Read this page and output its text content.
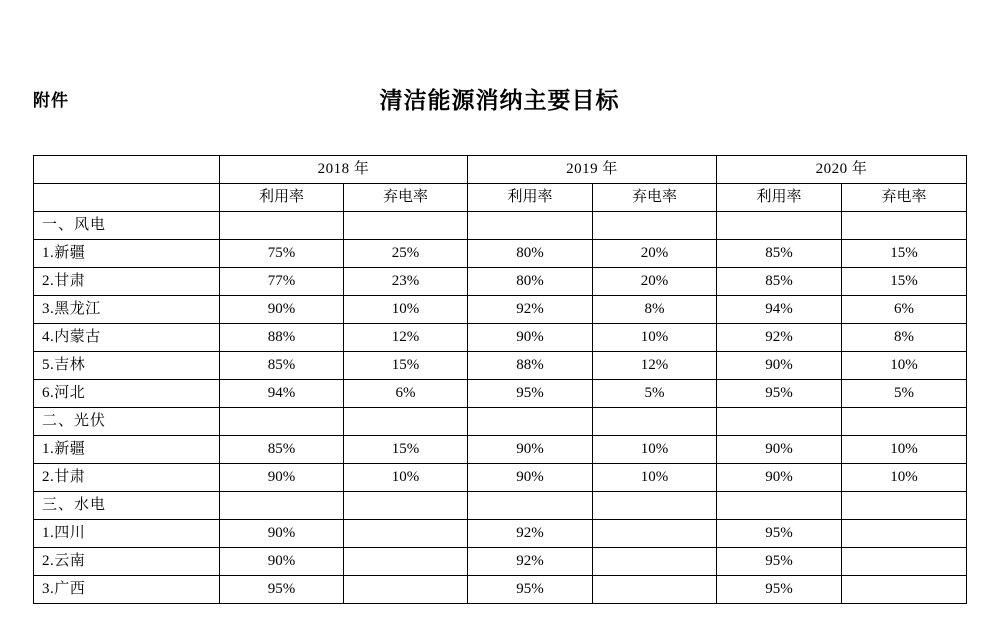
附件	清洁能源消纳主要目标
	2018 年		2019 年		2020 年	
	利用率	弃电率	利用率	弃电率	利用率	弃电率
一、风电						
1.新疆	75%	25%	80%	20%	85%	15%
2.甘肃	77%	23%	80%	20%	85%	15%
3.黑龙江	90%	10%	92%	8%	94%	6%
4.内蒙古	88%	12%	90%	10%	92%	8%
5.吉林	85%	15%	88%	12%	90%	10%
6.河北	94%	6%	95%	5%	95%	5%
二、光伏						
1.新疆	85%	15%	90%	10%	90%	10%
2.甘肃	90%	10%	90%	10%	90%	10%
三、水电						
1.四川	90%		92%		95%	
2.云南	90%		92%		95%	
3.广西	95%		95%		95%	
